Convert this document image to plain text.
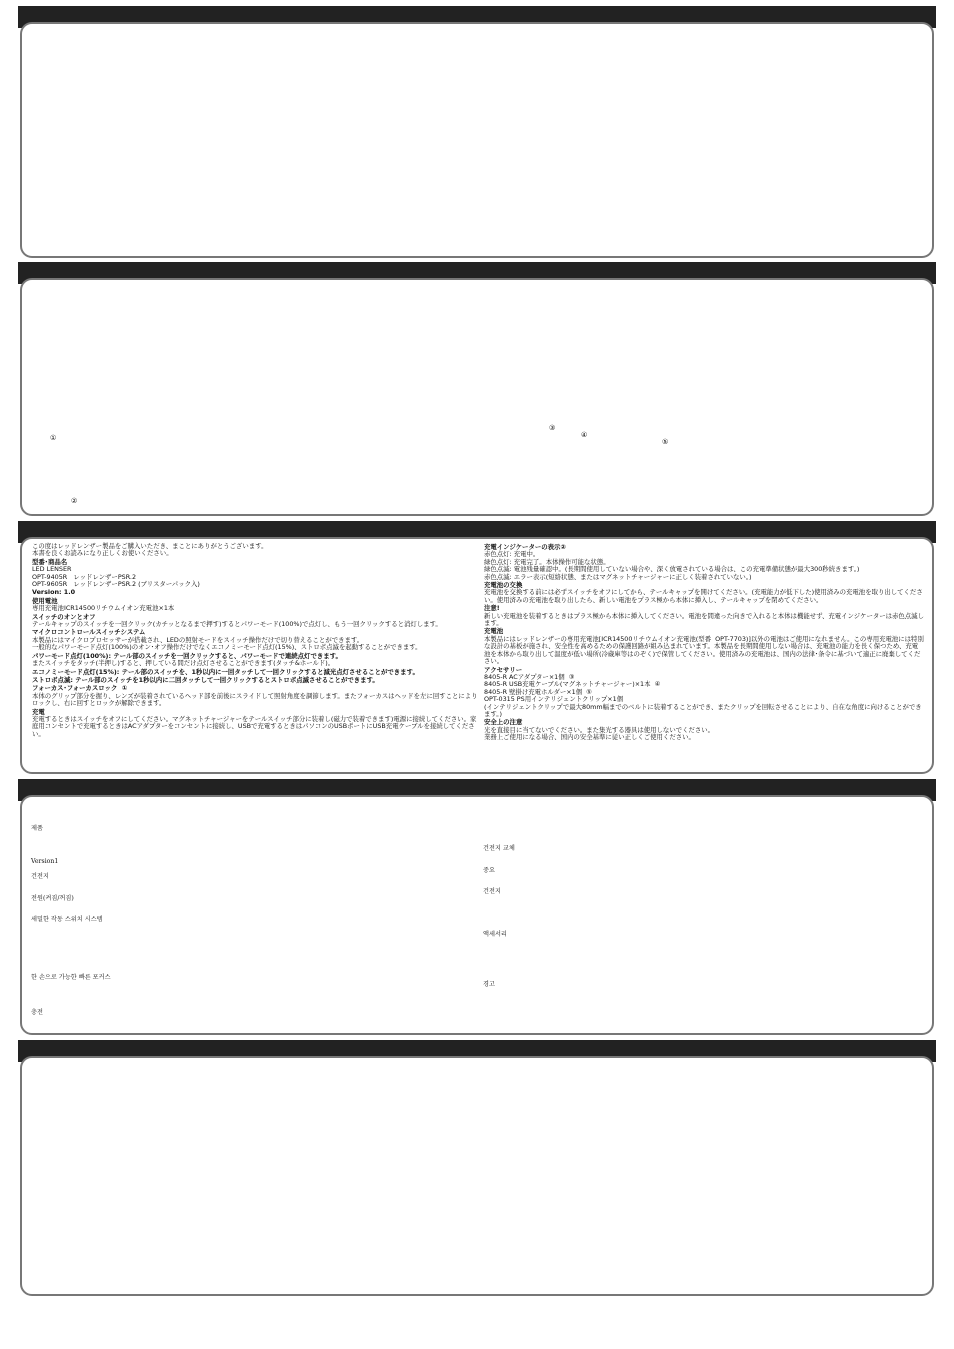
①
②
③
④
⑤

この度はレッドレンザー製品をご購入いただき、まことにありがとうございます。

本書を良くお読みになり正しくお使いください。

型番･商品名

LED LENSER

OPT-9405R   レッドレンザーPSR.2

OPT-9605R   レッドレンザーPSR.2 (ブリスターパック入)

Version: 1.0

使用電池

専用充電池ICR14500リチウムイオン充電池×1本

スイッチのオンとオフ

テールキャップのスイッチを一回クリック(カチッとなるまで押す)するとパワーモード(100%)で点灯し、もう一回クリックすると消灯します。

マイクロコントロールスイッチシステム

本製品にはマイクロプロセッサーが搭載され、LEDの照射モードをスイッチ操作だけで切り替えることができます。

一般的なパワーモード点灯(100%)のオン･オフ操作だけでなくエコノミーモード点灯(15%)、ストロボ点滅を起動することができます。

パワーモード点灯(100%): テール部のスイッチを一回クリックすると、パワーモードで連続点灯できます。

またスイッチをタッチ(半押し)すると、押している間だけ点灯させることができます(タッチ&ホールド)。

エコノミーモード点灯(15%): テール部のスイッチを、1秒以内に一回タッチして一回クリックすると減光点灯させることができます。

ストロボ点滅: テール部のスイッチを1秒以内に二回タッチして一回クリックするとストロボ点滅させることができます。

フォーカス･フォーカスロック  ①

本体のグリップ部分を握り、レンズが装着されているヘッド部を前後にスライドして照射角度を調節します。またフォーカスはヘッドを左に回すことによりロックし、右に回すとロックが解除できます。

充電

充電するときはスイッチをオフにしてください。マグネットチャージャーをテールスイッチ部分に装着し(磁力で装着できます)電源に接続してください。家庭用コンセントで充電するときはACアダプターをコンセントに接続し、USBで充電するときはパソコンのUSBポートにUSB充電ケーブルを接続してください。

充電インジケーターの表示②

赤色点灯: 充電中。

緑色点灯: 充電完了。本体操作可能な状態。

緑色点滅: 電池残量確認中。(長期間使用していない場合や、深く放電されている場合は、この充電準備状態が最大300秒続きます。)

赤色点滅: エラー表示(短絡状態、またはマグネットチャージャーに正しく装着されていない。)

充電池の交換

充電池を交換する前には必ずスイッチをオフにしてから、テールキャップを開けてください。(充電能力が低下した)使用済みの充電池を取り出してください。使用済みの充電池を取り出したら、新しい電池をプラス極から本体に挿入し、テールキャップを閉めてください。

注意!

新しい充電池を装着するときはプラス極から本体に挿入してください。電池を間違った向きで入れると本体は機能せず、充電インジケーターは赤色点滅します。

充電池

本製品にはレッドレンザーの専用充電池[ICR14500リチウムイオン充電池(型番  OPT-7703)]以外の電池はご使用になれません。この専用充電池には特別な設計の基板が施され、安全性を高めるための保護回路が組み込まれています。本製品を長期間使用しない場合は、充電池の能力を長く保つため、充電池を本体から取り出して温度が低い場所(冷蔵庫等はのぞく)で保管してください。使用済みの充電池は、国内の法律･条令に基づいて適正に廃棄してください。

アクセサリー

8405-R ACアダプター×1個  ③

8405-R USB充電ケーブル(マグネットチャージャー)×1本  ④

8405-R 壁掛け充電ホルダー×1個  ⑤

OPT-0315 PS用インテリジェントクリップ×1個

(インテリジェントクリップで最大80mm幅までのベルトに装着することができ、またクリップを回転させることにより、自在な角度に向けることができます。)

安全上の注意

光を直接目に当てないでください。また集光する器具は使用しないでください。

業務上ご使用になる場合、国内の安全基準に従い正しくご使用ください。

제품
Version1
건전지
전원(켜짐/꺼짐)
세밀한 작동 스위치 시스템
한 손으로 가능한 빠른 포커스
충전
건전지 교체
중요
건전지
액세서리
경고
